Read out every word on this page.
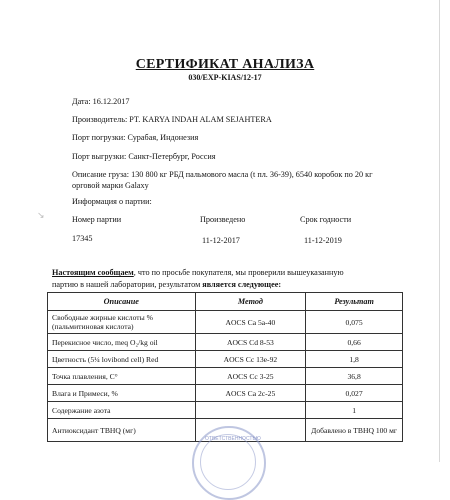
СЕРТИФИКАТ АНАЛИЗА
030/EXP-KIAS/12-17
Дата: 16.12.2017
Производитель: PT. KARYA INDAH ALAM SEJAHTERA
Порт погрузки: Сурабая, Индонезия
Порт выгрузки: Санкт-Петербург, Россия
Описание груза: 130 800 кг РБД пальмового масла (t пл. 36-39), 6540 коробок по 20 кг
орговой марки Galaxy
Информация о партии:
↘	Номер партии	Произведено	Срок годности
17345	11-12-2017	11-12-2019
Настоящим сообщаем, что по просьбе покупателя, мы проверили вышеуказанную
партию в нашей лаборатории, результатом является следующее:
Описание	Метод	Результат
Свободные жирные кислоты % (пальмитиновая кислота)	AOCS Ca 5a-40	0,075
Перекисное число, meq O₂/kg oil	AOCS Cd 8-53	0,66
Цветность (5¼ lovibond cell) Red	AOCS Cc 13e-92	1,8
Точка плавления, C°	AOCS Cc 3-25	36,8
Влага и Примеси, %	AOCS Ca 2c-25	0,027
Содержание азота		1
Антиоксидант ТBHQ (мг)		Добавлено в ТBHQ 100 мг
ОТВЕТСТВЕННОСТЬЮ
